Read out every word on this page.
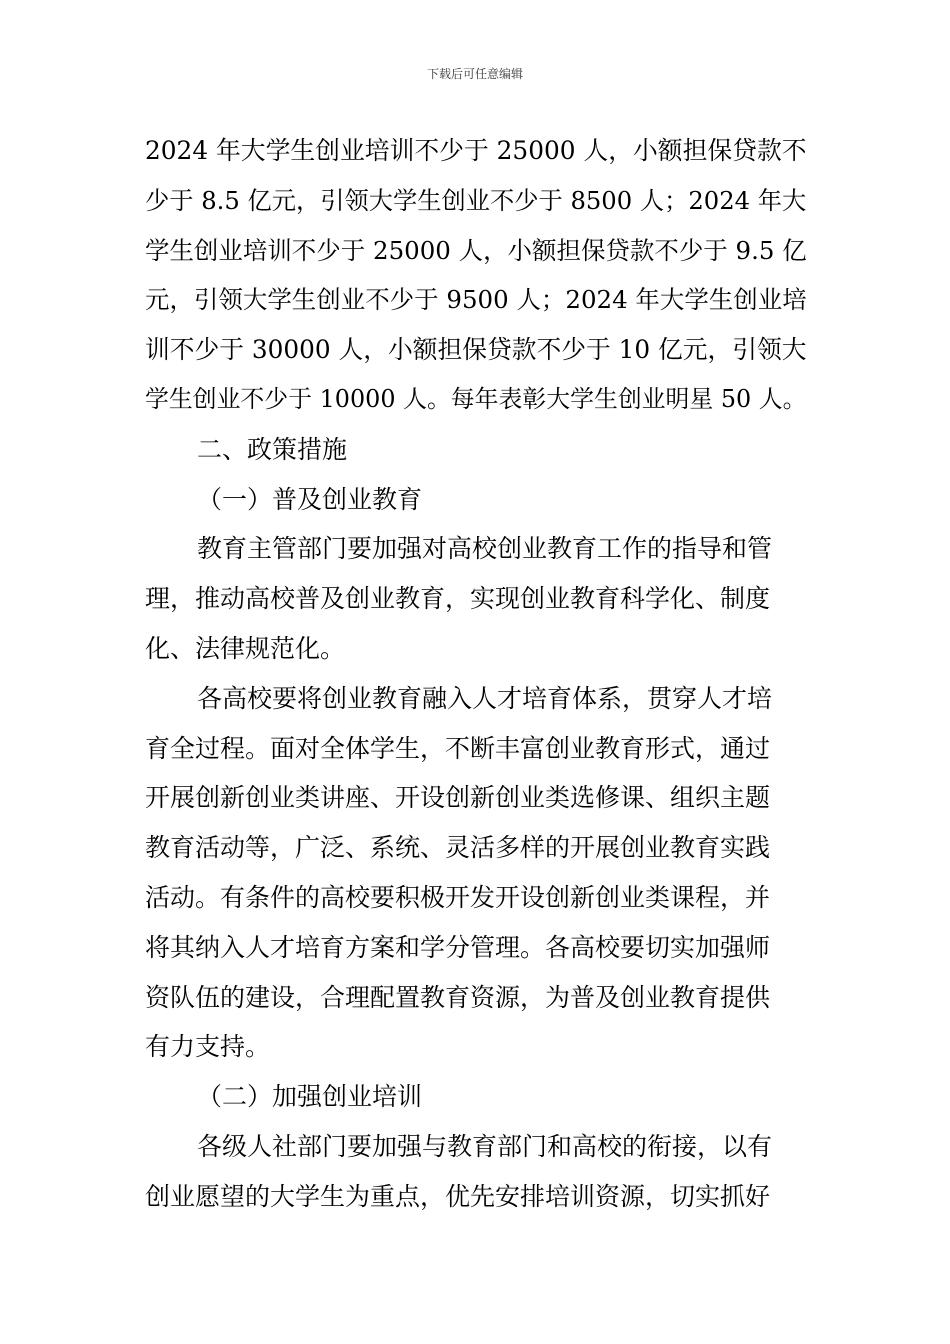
下载后可任意编辑

2024 年大学生创业培训不少于 25000 人，小额担保贷款不

少于 8.5 亿元，引领大学生创业不少于 8500 人；2024 年大

学生创业培训不少于 25000 人，小额担保贷款不少于 9.5 亿

元，引领大学生创业不少于 9500 人；2024 年大学生创业培

训不少于 30000 人，小额担保贷款不少于 10 亿元，引领大

学生创业不少于 10000 人。每年表彰大学生创业明星 50 人。

二、政策措施

（一）普及创业教育

教育主管部门要加强对高校创业教育工作的指导和管

理，推动高校普及创业教育，实现创业教育科学化、制度

化、法律规范化。

各高校要将创业教育融入人才培育体系，贯穿人才培

育全过程。面对全体学生，不断丰富创业教育形式，通过

开展创新创业类讲座、开设创新创业类选修课、组织主题

教育活动等，广泛、系统、灵活多样的开展创业教育实践

活动。有条件的高校要积极开发开设创新创业类课程，并

将其纳入人才培育方案和学分管理。各高校要切实加强师

资队伍的建设，合理配置教育资源，为普及创业教育提供

有力支持。

（二）加强创业培训

各级人社部门要加强与教育部门和高校的衔接，以有

创业愿望的大学生为重点，优先安排培训资源，切实抓好
